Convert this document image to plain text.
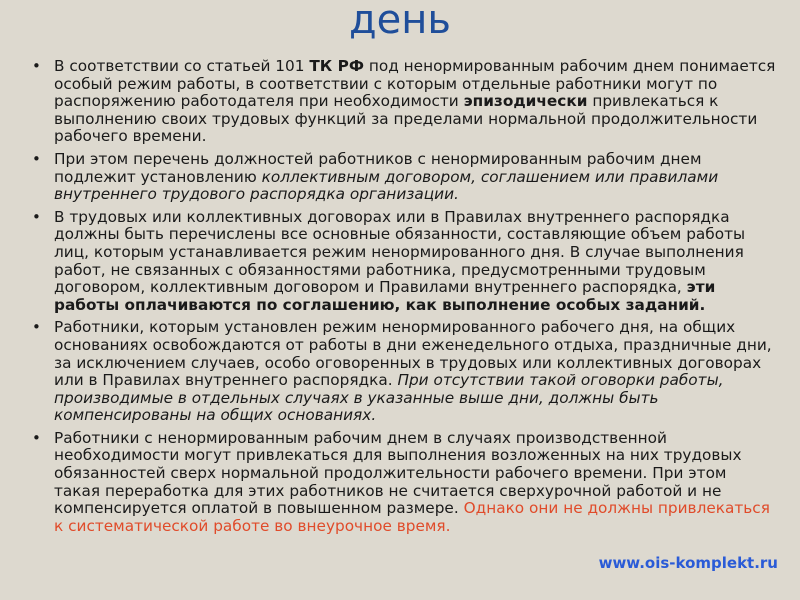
день
• В соответствии со статьей 101 ТК РФ под ненормированным рабочим днем понимается особый режим работы, в соответствии с которым отдельные работники могут по распоряжению работодателя при необходимости эпизодически привлекаться к выполнению своих трудовых функций за пределами нормальной продолжительности рабочего времени.
• При этом перечень должностей работников с ненормированным рабочим днем подлежит установлению коллективным договором, соглашением или правилами внутреннего трудового распорядка организации.
• В трудовых или коллективных договорах или в Правилах внутреннего распорядка должны быть перечислены все основные обязанности, составляющие объем работы лиц, которым устанавливается режим ненормированного дня. В случае выполнения работ, не связанных с обязанностями работника, предусмотренными трудовым договором, коллективным договором и Правилами внутреннего распорядка, эти работы оплачиваются по соглашению, как выполнение особых заданий.
• Работники, которым установлен режим ненормированного рабочего дня, на общих основаниях освобождаются от работы в дни еженедельного отдыха, праздничные дни, за исключением случаев, особо оговоренных в трудовых или коллективных договорах или в Правилах внутреннего распорядка. При отсутствии такой оговорки работы, производимые в отдельных случаях в указанные выше дни, должны быть компенсированы на общих основаниях.
• Работники с ненормированным рабочим днем в случаях производственной необходимости могут привлекаться для выполнения возложенных на них трудовых обязанностей сверх нормальной продолжительности рабочего времени. При этом такая переработка для этих работников не считается сверхурочной работой и не компенсируется оплатой в повышенном размере. Однако они не должны привлекаться к систематической работе во внеурочное время.
www.ois-komplekt.ru
